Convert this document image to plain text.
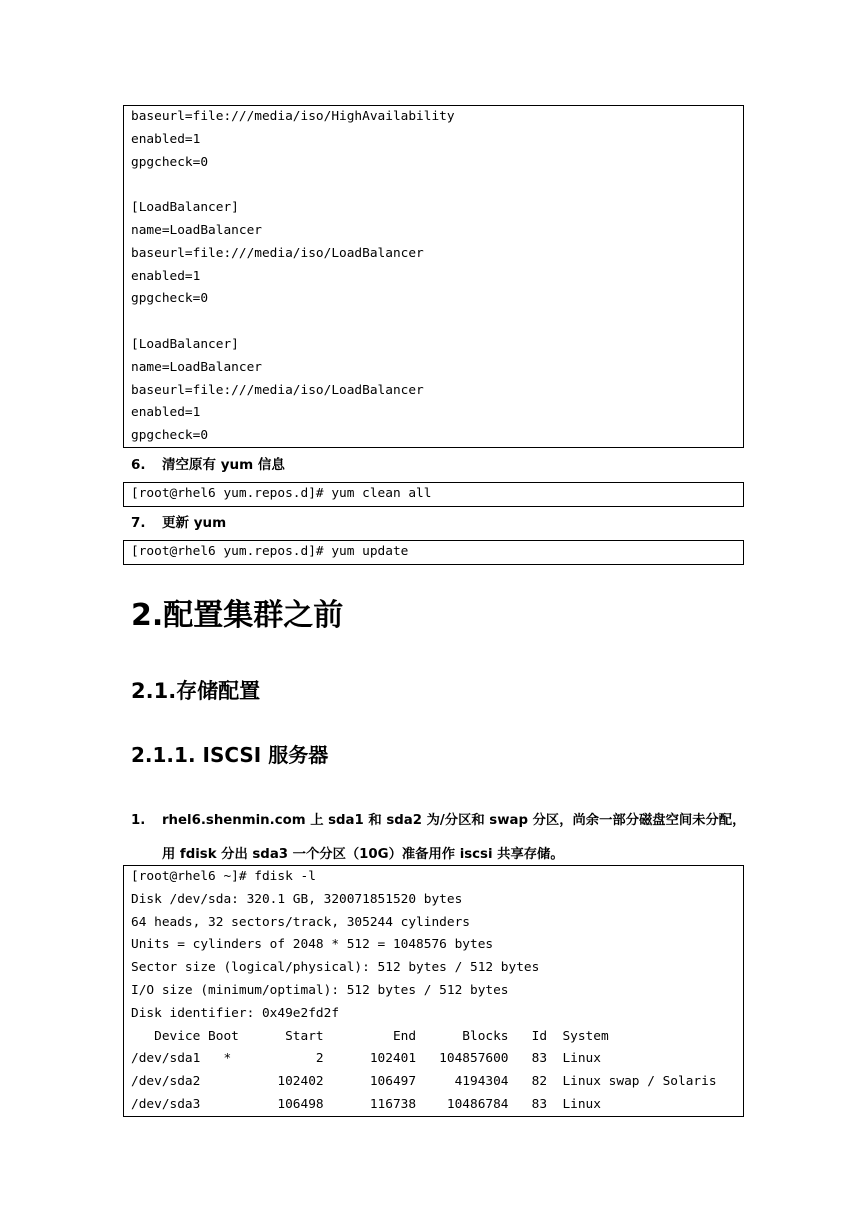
baseurl=file:///media/iso/HighAvailability
enabled=1
gpgcheck=0
[LoadBalancer]
name=LoadBalancer
baseurl=file:///media/iso/LoadBalancer
enabled=1
gpgcheck=0
[LoadBalancer]
name=LoadBalancer
baseurl=file:///media/iso/LoadBalancer
enabled=1
gpgcheck=0
6. 清空原有 yum 信息
[root@rhel6 yum.repos.d]# yum clean all
7. 更新 yum
[root@rhel6 yum.repos.d]# yum update
2.配置集群之前
2.1.存储配置
2.1.1. ISCSI 服务器
1. rhel6.shenmin.com 上 sda1 和 sda2 为/分区和 swap 分区，尚余一部分磁盘空间未分配，
用 fdisk 分出 sda3 一个分区（10G）准备用作 iscsi 共享存储。
[root@rhel6 ~]# fdisk -l
Disk /dev/sda: 320.1 GB, 320071851520 bytes
64 heads, 32 sectors/track, 305244 cylinders
Units = cylinders of 2048 * 512 = 1048576 bytes
Sector size (logical/physical): 512 bytes / 512 bytes
I/O size (minimum/optimal): 512 bytes / 512 bytes
Disk identifier: 0x49e2fd2f
Device Boot      Start         End      Blocks   Id  System
/dev/sda1   *           2      102401   104857600   83  Linux
/dev/sda2          102402      106497     4194304   82  Linux swap / Solaris
/dev/sda3          106498      116738    10486784   83  Linux
